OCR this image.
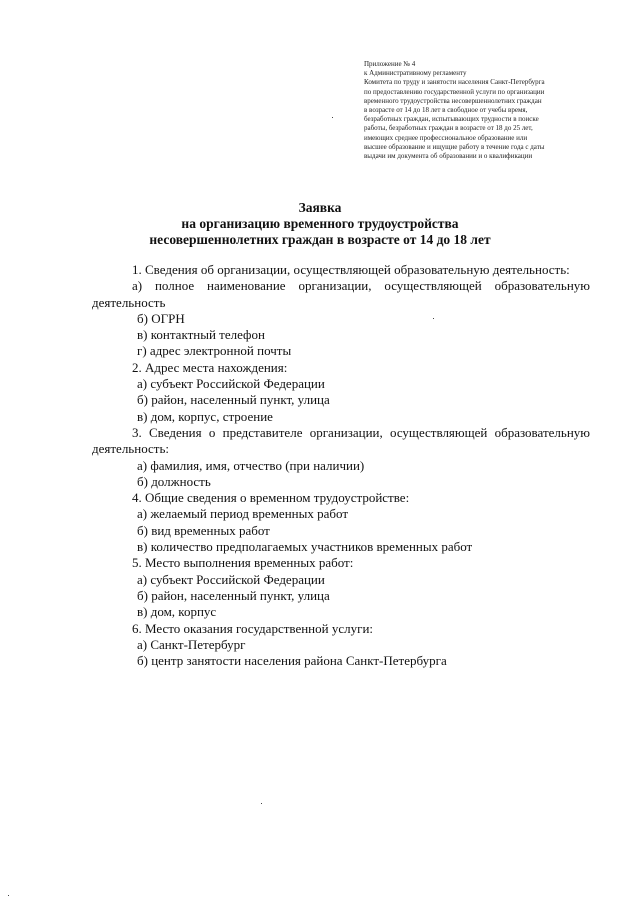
Приложение № 4
к Административному регламенту
Комитета по труду и занятости населения Санкт-Петербурга
по предоставлению государственной услуги по организации
временного трудоустройства несовершеннолетних граждан
в возрасте от 14 до 18 лет в свободное от учебы время,
безработных граждан, испытывающих трудности в поиске
работы, безработных граждан в возрасте от 18 до 25 лет,
имеющих среднее профессиональное образование или
высшее образование и ищущие работу в течение года с даты
выдачи им документа об образовании и о квалификации
Заявка
на организацию временного трудоустройства
несовершеннолетних граждан в возрасте от 14 до 18 лет
1. Сведения об организации, осуществляющей образовательную деятельность:
а) полное наименование организации, осуществляющей образовательную
деятельность
б) ОГРН
в) контактный телефон
г) адрес электронной почты
2. Адрес места нахождения:
а) субъект Российской Федерации
б) район, населенный пункт, улица
в) дом, корпус, строение
3. Сведения о представителе организации, осуществляющей образовательную
деятельность:
а) фамилия, имя, отчество (при наличии)
б) должность
4. Общие сведения о временном трудоустройстве:
а) желаемый период временных работ
б) вид временных работ
в) количество предполагаемых участников временных работ
5. Место выполнения временных работ:
а) субъект Российской Федерации
б) район, населенный пункт, улица
в) дом, корпус
6. Место оказания государственной услуги:
а) Санкт-Петербург
б) центр занятости населения района Санкт-Петербурга
